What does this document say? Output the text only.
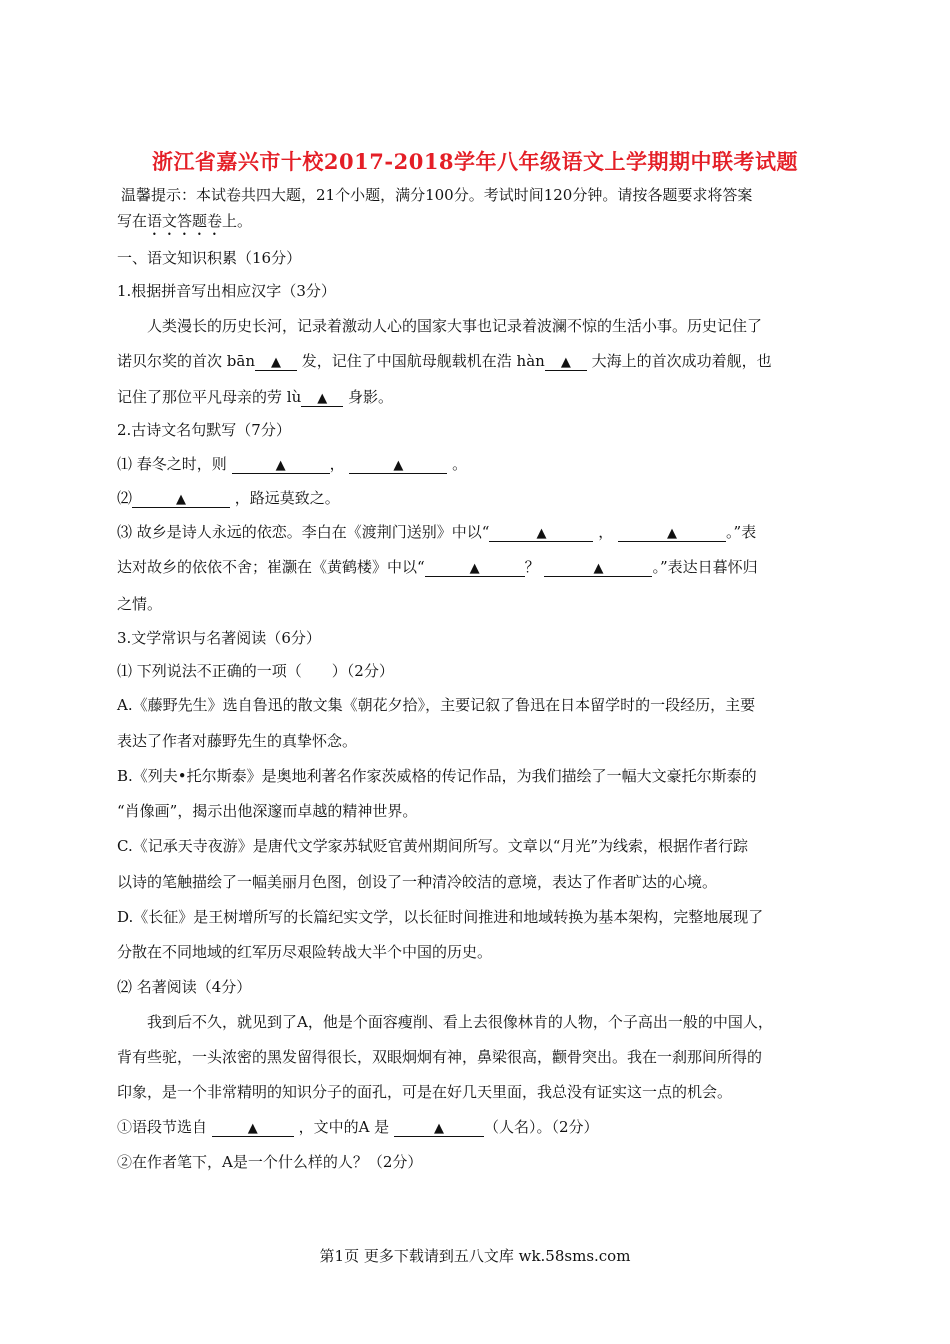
浙江省嘉兴市十校2017-2018学年八年级语文上学期期中联考试题
温馨提示：本试卷共四大题，21个小题，满分100分。考试时间120分钟。请按各题要求将答案
写在语文答题卷上。
一、语文知识积累（16分）
1.根据拼音写出相应汉字（3分）
人类漫长的历史长河，记录着激动人心的国家大事也记录着波澜不惊的生活小事。历史记住了
诺贝尔奖的首次 bān ▲ 发，记住了中国航母舰载机在浩 hàn ▲ 大海上的首次成功着舰，也
记住了那位平凡母亲的劳 lù ▲ 身影。
2.古诗文名句默写（7分）
⑴ 春冬之时，则	▲	，	▲	。
⑵	▲	，路远莫致之。
⑶ 故乡是诗人永远的依恋。李白在《渡荆门送别》中以“	▲	，	▲	。”表
达对故乡的依依不舍；崔灏在《黄鹤楼》中以“	▲	？	▲	。”表达日暮怀归
之情。
3.文学常识与名著阅读（6分）
⑴ 下列说法不正确的一项（　　）（2分）
A.《藤野先生》选自鲁迅的散文集《朝花夕拾》，主要记叙了鲁迅在日本留学时的一段经历，主要
表达了作者对藤野先生的真挚怀念。
B.《列夫•托尔斯泰》是奥地利著名作家茨威格的传记作品，为我们描绘了一幅大文豪托尔斯泰的
“肖像画”，揭示出他深邃而卓越的精神世界。
C.《记承天寺夜游》是唐代文学家苏轼贬官黄州期间所写。文章以“月光”为线索，根据作者行踪
以诗的笔触描绘了一幅美丽月色图，创设了一种清冷皎洁的意境，表达了作者旷达的心境。
D.《长征》是王树增所写的长篇纪实文学，以长征时间推进和地域转换为基本架构，完整地展现了
分散在不同地域的红军历尽艰险转战大半个中国的历史。
⑵ 名著阅读（4分）
我到后不久，就见到了A，他是个面容瘦削、看上去很像林肯的人物，个子高出一般的中国人，
背有些驼，一头浓密的黑发留得很长，双眼炯炯有神，鼻梁很高，颧骨突出。我在一刹那间所得的
印象，是一个非常精明的知识分子的面孔，可是在好几天里面，我总没有证实这一点的机会。
①语段节选自	▲	，文中的A 是	▲	（人名）。（2分）
②在作者笔下，A是一个什么样的人？（2分）
第1页 更多下载请到五八文库 wk.58sms.com
